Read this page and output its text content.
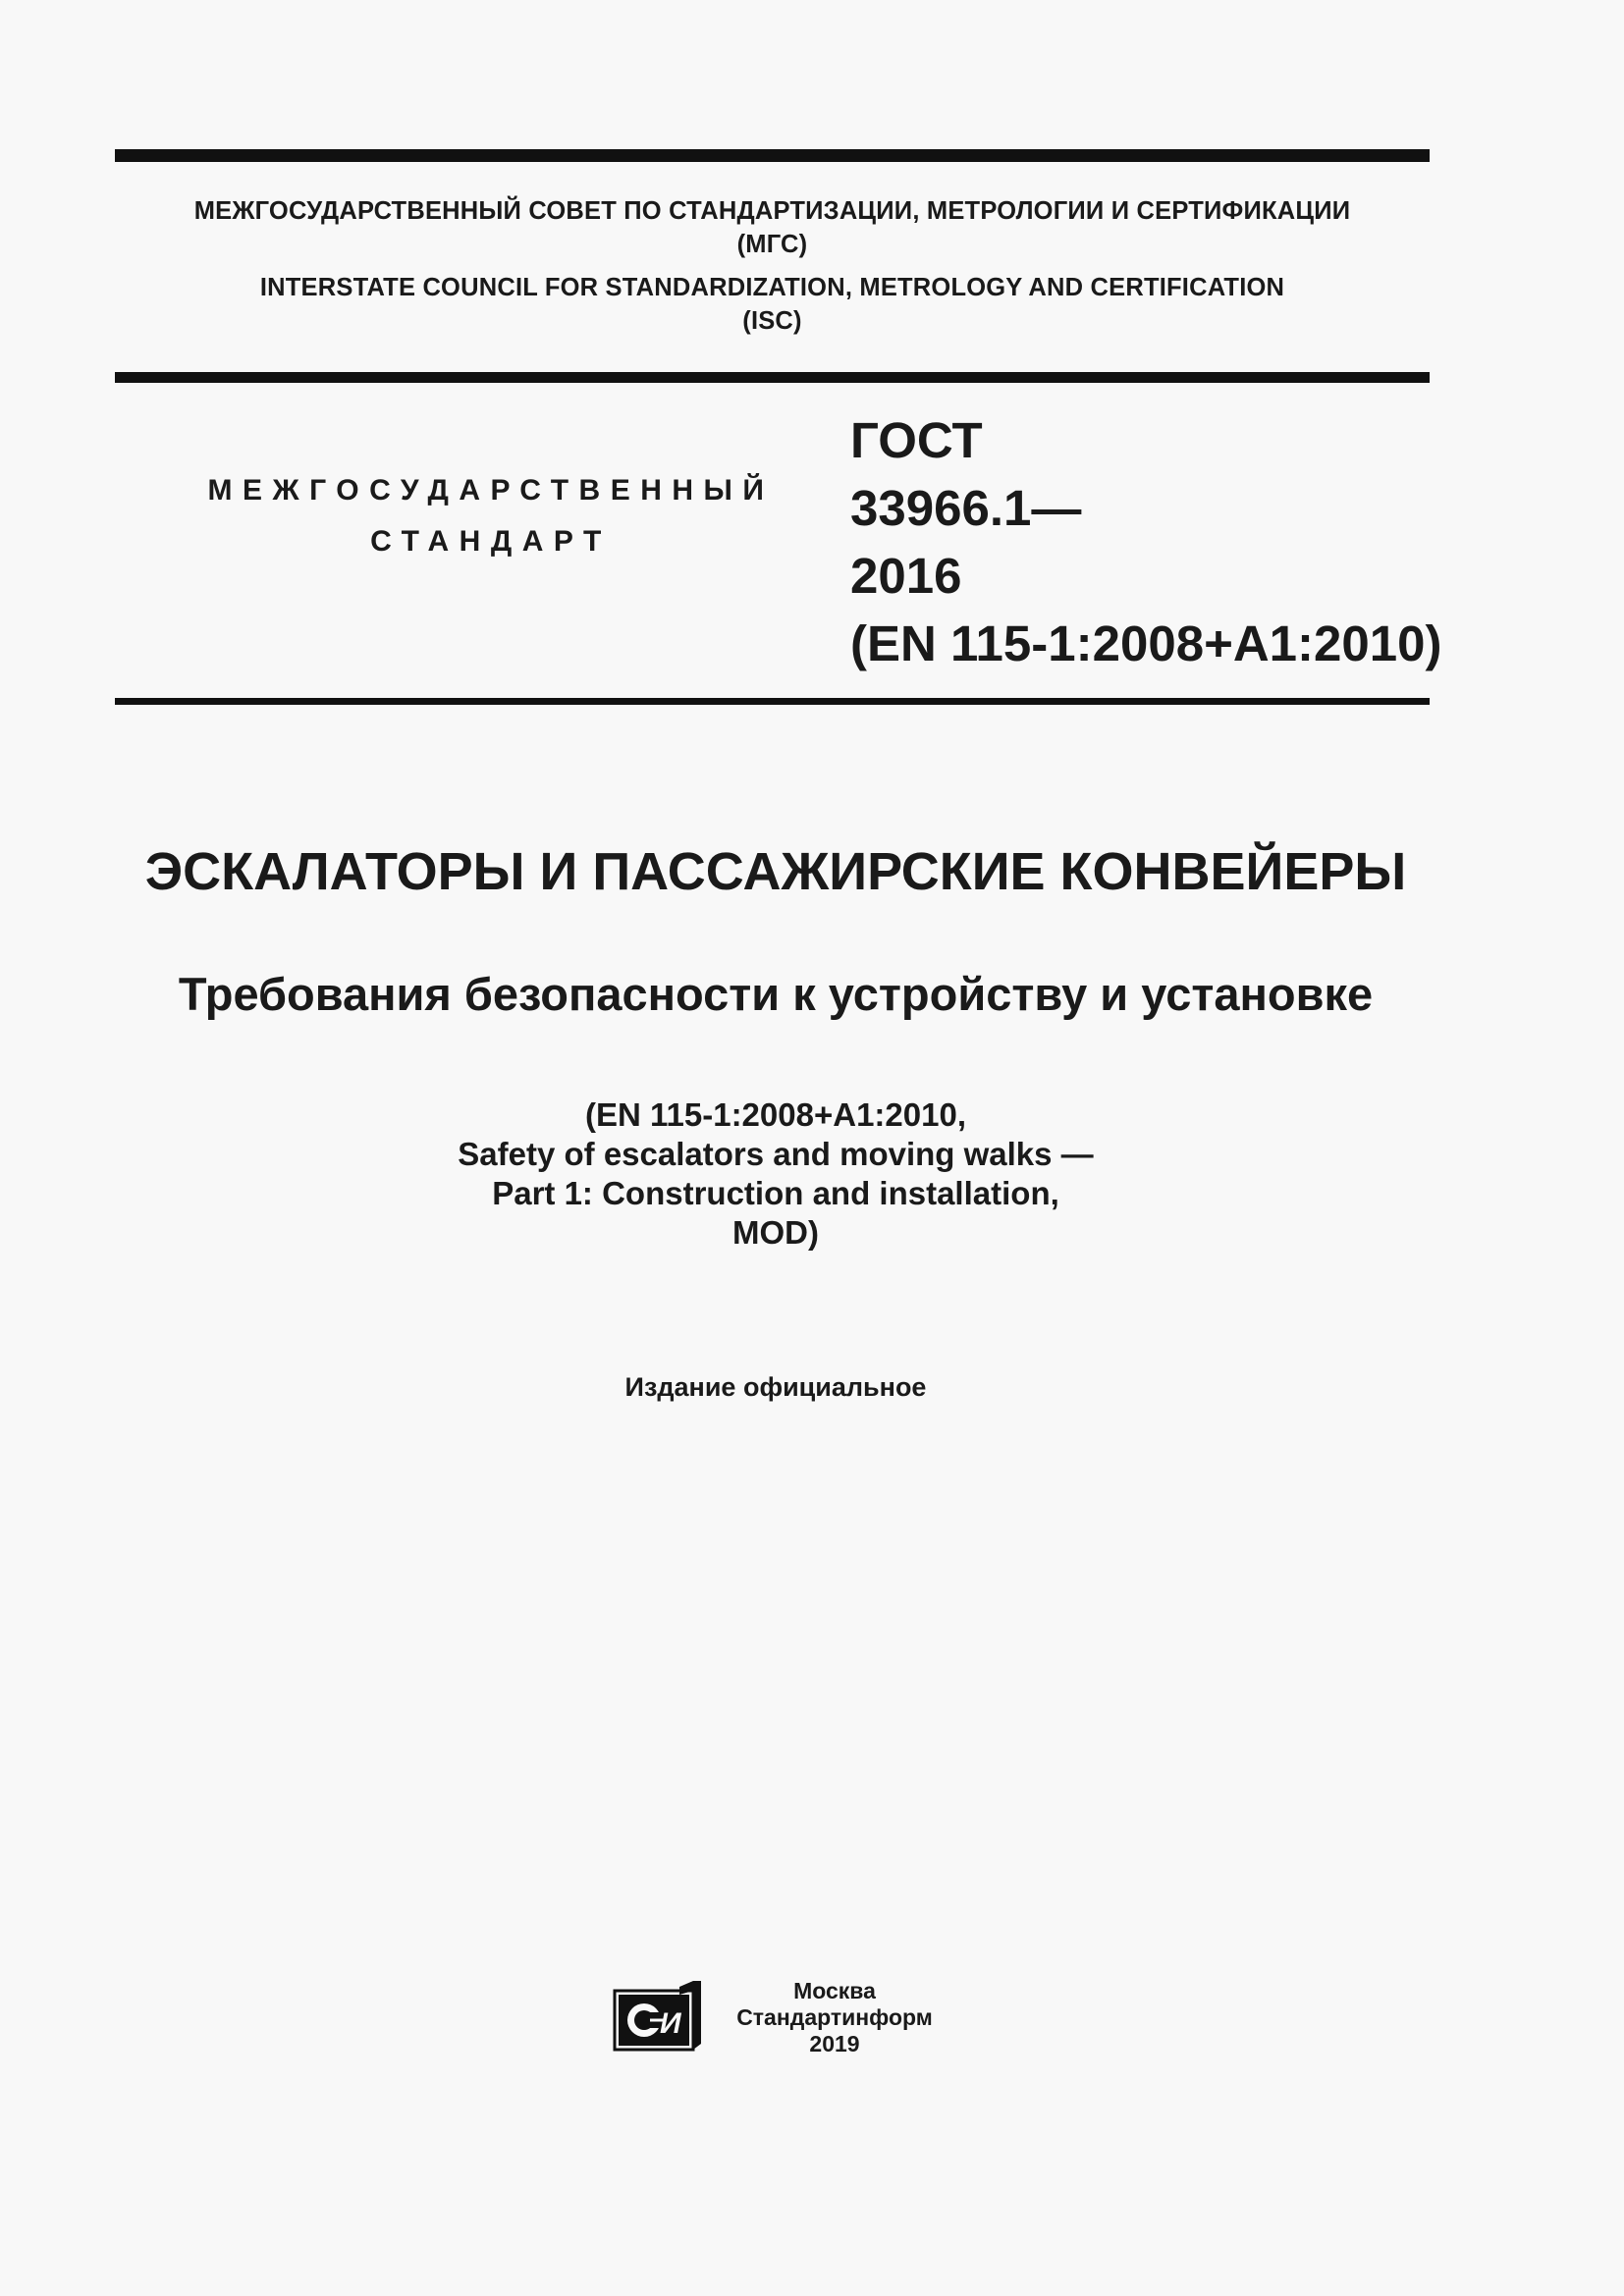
МЕЖГОСУДАРСТВЕННЫЙ СОВЕТ ПО СТАНДАРТИЗАЦИИ, МЕТРОЛОГИИ И СЕРТИФИКАЦИИ
(МГС)
INTERSTATE COUNCIL FOR STANDARDIZATION, METROLOGY AND CERTIFICATION
(ISC)
МЕЖГОСУДАРСТВЕННЫЙ
СТАНДАРТ
ГОСТ
33966.1—
2016
(EN 115-1:2008+A1:2010)
ЭСКАЛАТОРЫ И ПАССАЖИРСКИЕ КОНВЕЙЕРЫ
Требования безопасности к устройству и установке
(EN 115-1:2008+A1:2010,
Safety of escalators and moving walks —
Part 1: Construction and installation,
MOD)
Издание официальное
И
Москва
Стандартинформ
2019
